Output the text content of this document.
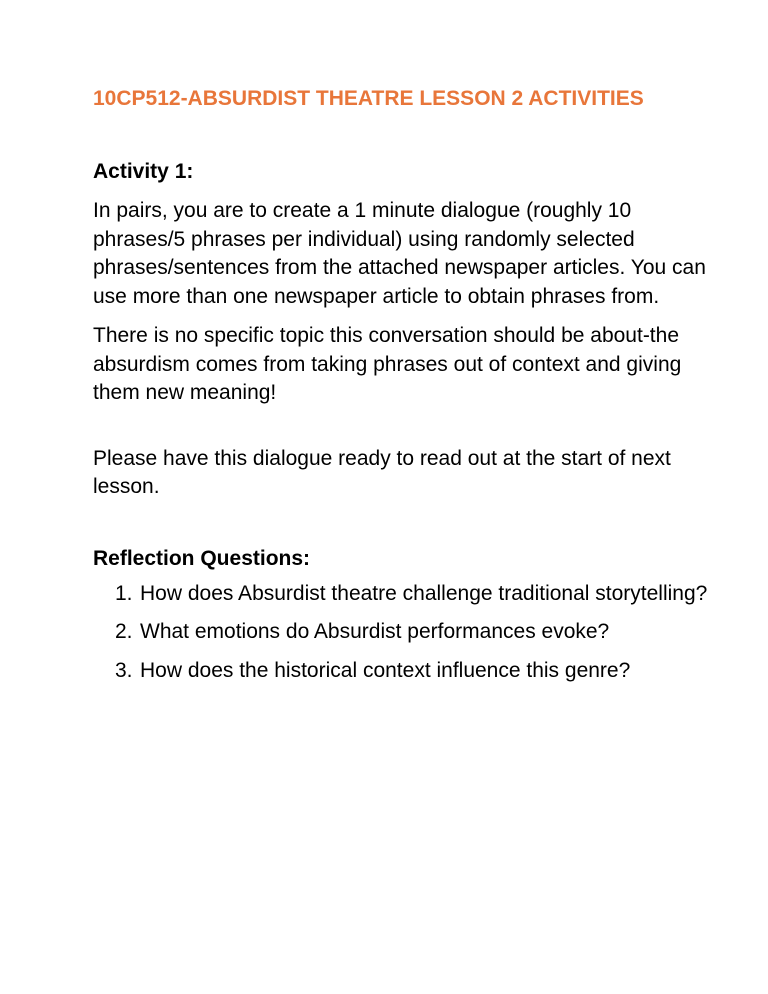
10CP512-ABSURDIST THEATRE LESSON 2 ACTIVITIES
Activity 1:

In pairs, you are to create a 1 minute dialogue (roughly 10 phrases/5 phrases per individual) using randomly selected phrases/sentences from the attached newspaper articles. You can use more than one newspaper article to obtain phrases from.

There is no specific topic this conversation should be about-the absurdism comes from taking phrases out of context and giving them new meaning!

Please have this dialogue ready to read out at the start of next lesson.

Reflection Questions:
1. How does Absurdist theatre challenge traditional storytelling?
2. What emotions do Absurdist performances evoke?
3. How does the historical context influence this genre?
